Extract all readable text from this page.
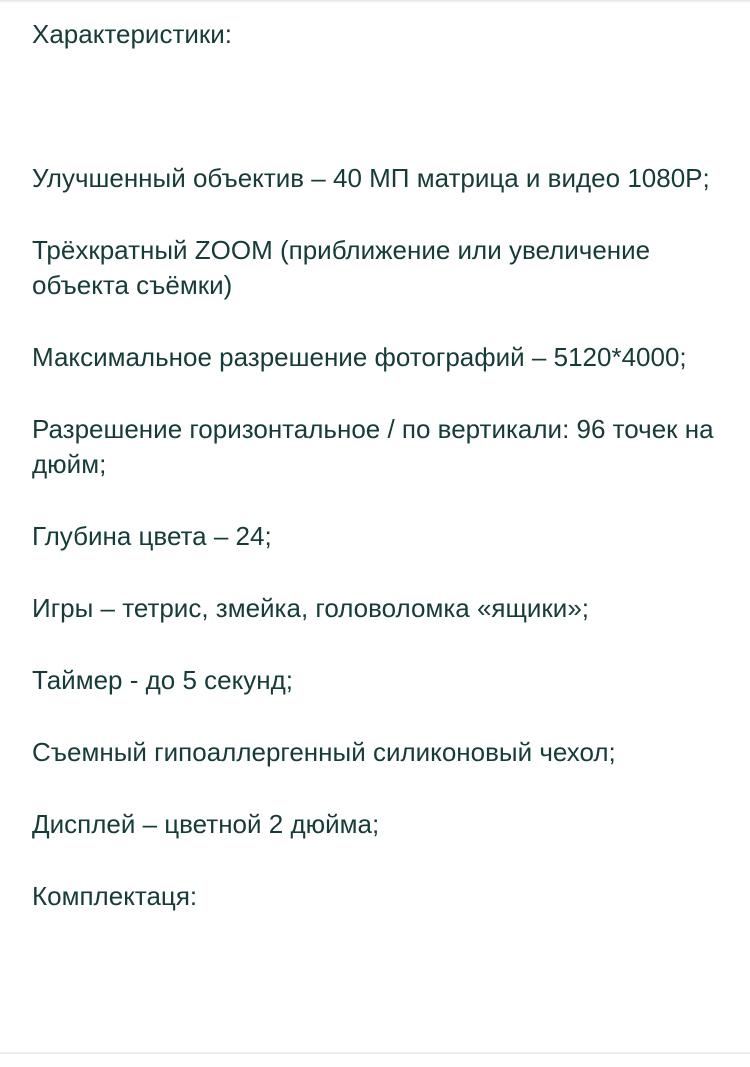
Характеристики:
Улучшенный объектив – 40 МП матрица и видео 1080P;
Трёхкратный ZOOM (приближение или увеличение объекта съёмки)
Максимальное разрешение фотографий – 5120*4000;
Разрешение горизонтальное / по вертикали: 96 точек на дюйм;
Глубина цвета – 24;
Игры – тетрис, змейка, головоломка «ящики»;
Таймер - до 5 секунд;
Съемный гипоаллергенный силиконовый чехол;
Дисплей – цветной 2 дюйма;
Комплектаця:
